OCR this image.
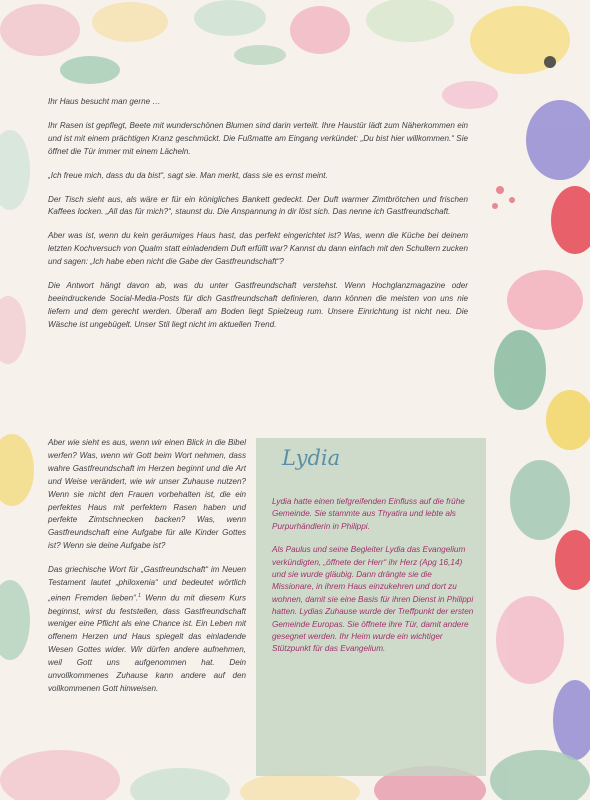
Ihr Haus besucht man gerne …

Ihr Rasen ist gepflegt, Beete mit wunderschönen Blumen sind darin verteilt. Ihre Haustür lädt zum Näherkommen ein und ist mit einem prächtigen Kranz geschmückt. Die Fußmatte am Eingang verkündet: „Du bist hier willkommen.“ Sie öffnet die Tür immer mit einem Lächeln.

„Ich freue mich, dass du da bist“, sagt sie. Man merkt, dass sie es ernst meint.

Der Tisch sieht aus, als wäre er für ein königliches Bankett gedeckt. Der Duft warmer Zimtbrötchen und frischen Kaffees locken. „All das für mich?“, staunst du. Die Anspannung in dir löst sich. Das nenne ich Gastfreundschaft.

Aber was ist, wenn du kein geräumiges Haus hast, das perfekt eingerichtet ist? Was, wenn die Küche bei deinem letzten Kochversuch von Qualm statt einladendem Duft erfüllt war? Kannst du dann einfach mit den Schultern zucken und sagen: „Ich habe eben nicht die Gabe der Gastfreundschaft“?

Die Antwort hängt davon ab, was du unter Gastfreundschaft verstehst. Wenn Hochglanzmagazine oder beeindruckende Social-Media-Posts für dich Gastfreundschaft definieren, dann können die meisten von uns nie liefern und dem gerecht werden. Überall am Boden liegt Spielzeug rum. Unsere Einrichtung ist nicht neu. Die Wäsche ist ungebügelt. Unser Stil liegt nicht im aktuellen Trend.

Aber wie sieht es aus, wenn wir einen Blick in die Bibel werfen? Was, wenn wir Gott beim Wort nehmen, dass wahre Gastfreundschaft im Herzen beginnt und die Art und Weise verändert, wie wir unser Zuhause nutzen? Wenn sie nicht den Frauen vorbehalten ist, die ein perfektes Haus mit perfektem Rasen haben und perfekte Zimtschnecken backen? Was, wenn Gastfreundschaft eine Aufgabe für alle Kinder Gottes ist? Wenn sie deine Aufgabe ist?

Das griechische Wort für „Gastfreundschaft“ im Neuen Testament lautet „philoxenia“ und bedeutet wörtlich „einen Fremden lieben“.$^1$ Wenn du mit diesem Kurs beginnst, wirst du feststellen, dass Gastfreundschaft weniger eine Pflicht als eine Chance ist. Ein Leben mit offenem Herzen und Haus spiegelt das einladende Wesen Gottes wider. Wir dürfen andere aufnehmen, weil Gott uns aufgenommen hat. Dein unvollkommenes Zuhause kann andere auf den vollkommenen Gott hinweisen.

Lydia

Lydia hatte einen tiefgreifenden Einfluss auf die frühe Gemeinde. Sie stammte aus Thyatira und lebte als Purpurhändlerin in Philippi.

Als Paulus und seine Begleiter Lydia das Evangelium verkündigten, „öffnete der Herr“ ihr Herz (Apg 16,14) und sie wurde gläubig. Dann drängte sie die Missionare, in ihrem Haus einzukehren und dort zu wohnen, damit sie eine Basis für ihren Dienst in Philippi hatten. Lydias Zuhause wurde der Treffpunkt der ersten Gemeinde Europas. Sie öffnete ihre Tür, damit andere gesegnet werden. Ihr Heim wurde ein wichtiger Stützpunkt für das Evangelium.
